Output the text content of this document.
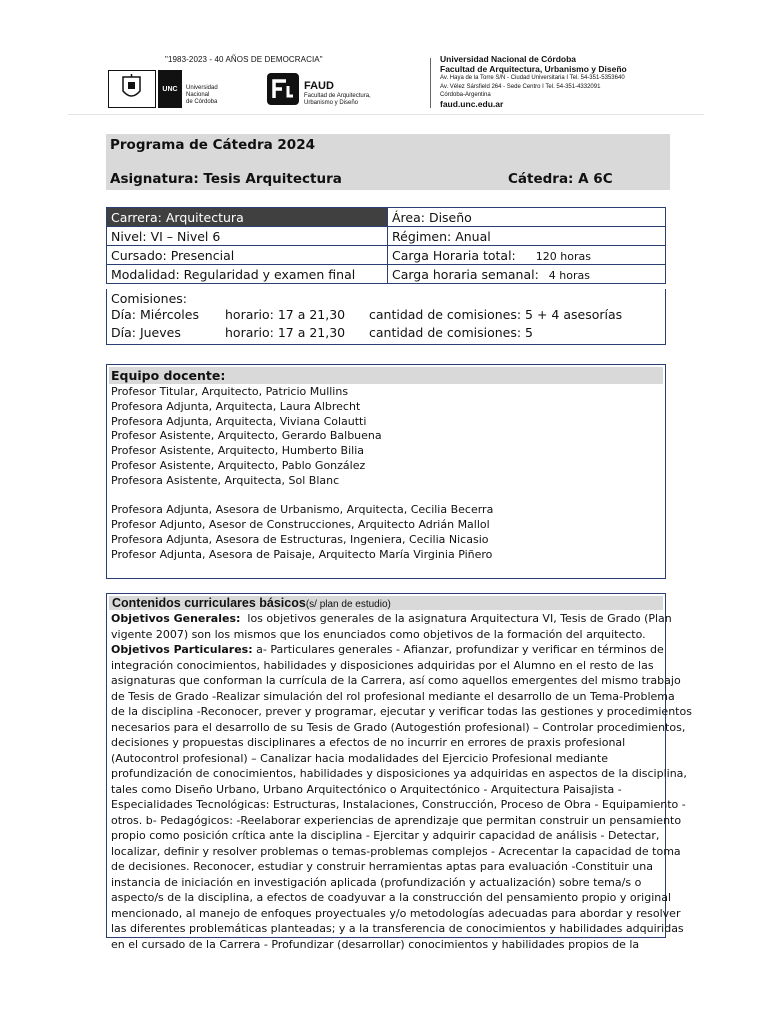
"1983-2023 - 40 AÑOS DE DEMOCRACIA"
UNC	Universidad
Nacional
de Córdoba
FAUD
Facultad de Arquitectura,
Urbanismo y Diseño
Universidad Nacional de Córdoba
Facultad de Arquitectura, Urbanismo y Diseño
Av. Haya de la Torre S/N - Ciudad Universitaria I Tel. 54-351-5353640
Av. Vélez Sársfield 264 - Sede Centro I Tel. 54-351-4332091
Córdoba-Argentina
faud.unc.edu.ar
Programa de Cátedra 2024
Asignatura: Tesis Arquitectura	Cátedra: A 6C
Carrera: Arquitectura	Área: Diseño
Nivel: VI – Nivel 6	Régimen: Anual
Cursado: Presencial	Carga Horaria total: 120 horas
Modalidad: Regularidad y examen final	Carga horaria semanal: 4 horas
Comisiones:
Día: Miércoles horario: 17 a 21,30 cantidad de comisiones: 5 + 4 asesorías
Día: Jueves	horario: 17 a 21,30 cantidad de comisiones: 5
Equipo docente:
Profesor Titular, Arquitecto, Patricio Mullins
Profesora Adjunta, Arquitecta, Laura Albrecht
Profesora Adjunta, Arquitecta, Viviana Colautti
Profesor Asistente, Arquitecto, Gerardo Balbuena
Profesor Asistente, Arquitecto, Humberto Bilia
Profesor Asistente, Arquitecto, Pablo González
Profesora Asistente, Arquitecta, Sol Blanc
Profesora Adjunta, Asesora de Urbanismo, Arquitecta, Cecilia Becerra
Profesor Adjunto, Asesor de Construcciones, Arquitecto Adrián Mallol
Profesora Adjunta, Asesora de Estructuras, Ingeniera, Cecilia Nicasio
Profesor Adjunta, Asesora de Paisaje, Arquitecto María Virginia Piñero
Contenidos curriculares básicos(s/ plan de estudio)
Objetivos Generales:  los objetivos generales de la asignatura Arquitectura VI, Tesis de Grado (Plan
vigente 2007) son los mismos que los enunciados como objetivos de la formación del arquitecto.
Objetivos Particulares: a- Particulares generales - Afianzar, profundizar y verificar en términos de
integración conocimientos, habilidades y disposiciones adquiridas por el Alumno en el resto de las
asignaturas que conforman la currícula de la Carrera, así como aquellos emergentes del mismo trabajo
de Tesis de Grado -Realizar simulación del rol profesional mediante el desarrollo de un Tema-Problema
de la disciplina -Reconocer, prever y programar, ejecutar y verificar todas las gestiones y procedimientos
necesarios para el desarrollo de su Tesis de Grado (Autogestión profesional) – Controlar procedimientos,
decisiones y propuestas disciplinares a efectos de no incurrir en errores de praxis profesional
(Autocontrol profesional) – Canalizar hacia modalidades del Ejercicio Profesional mediante
profundización de conocimientos, habilidades y disposiciones ya adquiridas en aspectos de la disciplina,
tales como Diseño Urbano, Urbano Arquitectónico o Arquitectónico - Arquitectura Paisajista -
Especialidades Tecnológicas: Estructuras, Instalaciones, Construcción, Proceso de Obra - Equipamiento -
otros. b- Pedagógicos: -Reelaborar experiencias de aprendizaje que permitan construir un pensamiento
propio como posición crítica ante la disciplina - Ejercitar y adquirir capacidad de análisis - Detectar,
localizar, definir y resolver problemas o temas-problemas complejos - Acrecentar la capacidad de toma
de decisiones. Reconocer, estudiar y construir herramientas aptas para evaluación -Constituir una
instancia de iniciación en investigación aplicada (profundización y actualización) sobre tema/s o
aspecto/s de la disciplina, a efectos de coadyuvar a la construcción del pensamiento propio y original
mencionado, al manejo de enfoques proyectuales y/o metodologías adecuadas para abordar y resolver
las diferentes problemáticas planteadas; y a la transferencia de conocimientos y habilidades adquiridas
en el cursado de la Carrera - Profundizar (desarrollar) conocimientos y habilidades propios de la
